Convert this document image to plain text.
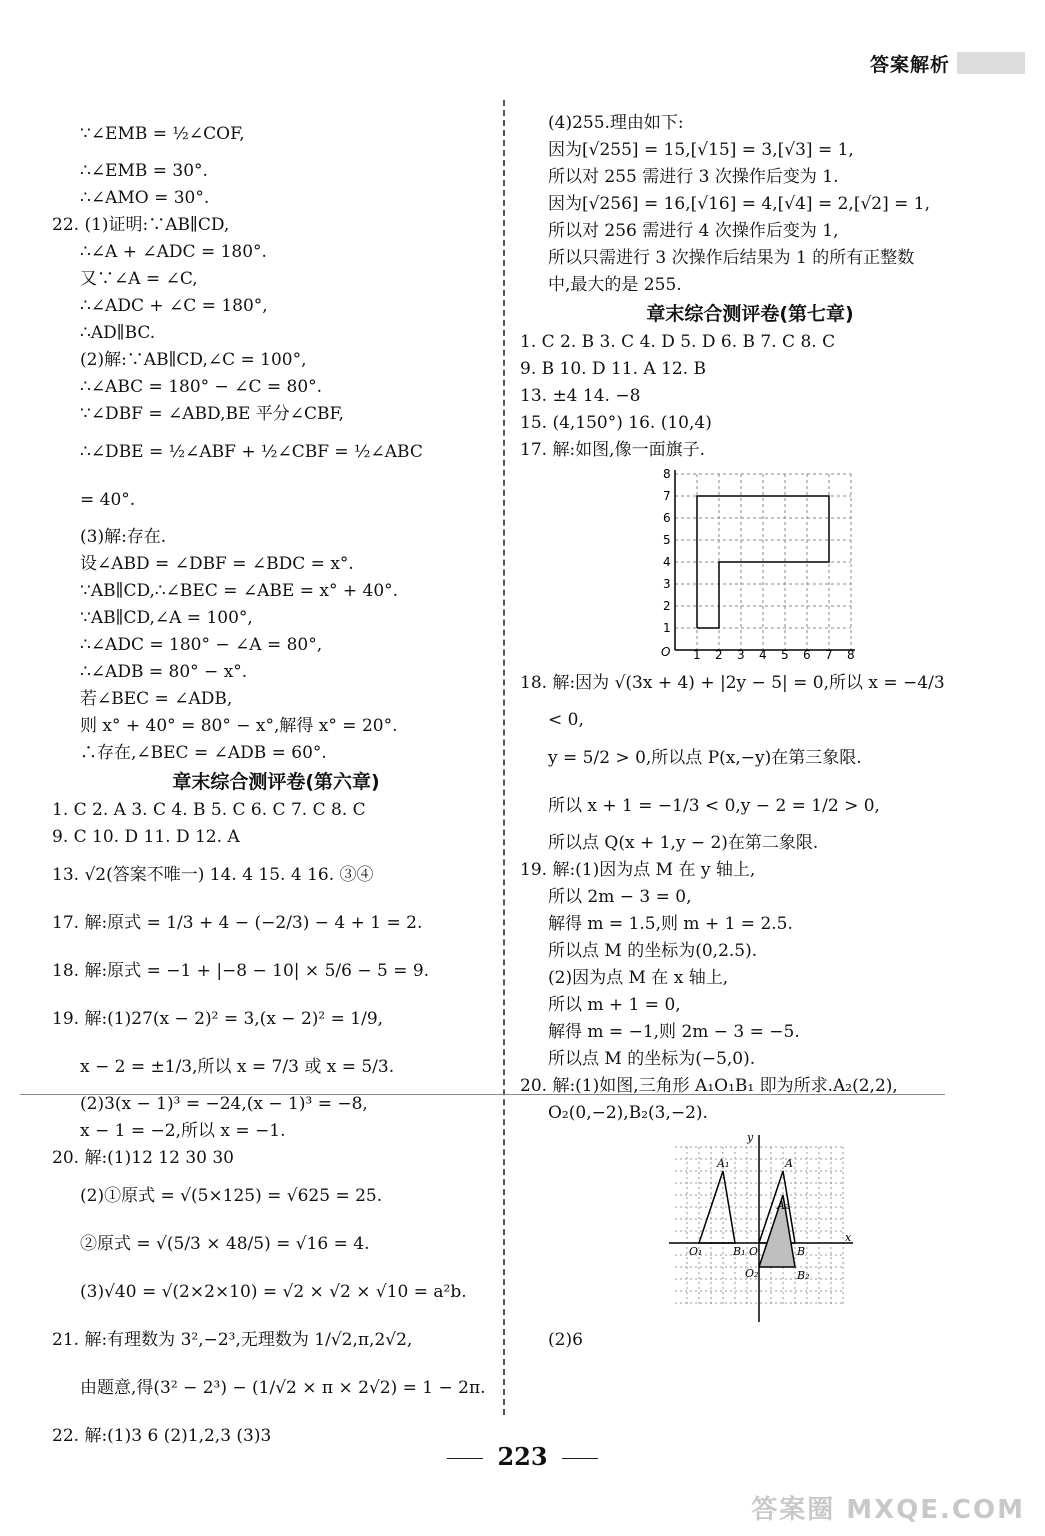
答案解析
∵∠EMB = ½∠COF,
∴∠EMB = 30°.
∴∠AMO = 30°.
22. (1)证明:∵AB∥CD,
∴∠A + ∠ADC = 180°.
又∵∠A = ∠C,
∴∠ADC + ∠C = 180°,
∴AD∥BC.
(2)解:∵AB∥CD,∠C = 100°,
∴∠ABC = 180° − ∠C = 80°.
∵∠DBF = ∠ABD,BE 平分∠CBF,
∴∠DBE = ½∠ABF + ½∠CBF = ½∠ABC
= 40°.
(3)解:存在.
设∠ABD = ∠DBF = ∠BDC = x°.
∵AB∥CD,∴∠BEC = ∠ABE = x° + 40°.
∵AB∥CD,∠A = 100°,
∴∠ADC = 180° − ∠A = 80°,
∴∠ADB = 80° − x°.
若∠BEC = ∠ADB,
则 x° + 40° = 80° − x°,解得 x° = 20°.
∴存在,∠BEC = ∠ADB = 60°.
章末综合测评卷(第六章)
1. C 2. A 3. C 4. B 5. C 6. C 7. C 8. C
9. C 10. D 11. D 12. A
13. √2(答案不唯一) 14. 4 15. 4 16. ③④
17. 解:原式 = 1/3 + 4 − (−2/3) − 4 + 1 = 2.
18. 解:原式 = −1 + |−8 − 10| × 5/6 − 5 = 9.
19. 解:(1)27(x − 2)² = 3,(x − 2)² = 1/9,
x − 2 = ±1/3,所以 x = 7/3 或 x = 5/3.
(2)3(x − 1)³ = −24,(x − 1)³ = −8,
x − 1 = −2,所以 x = −1.
20. 解:(1)12 12 30 30
(2)①原式 = √(5×125) = √625 = 25.
②原式 = √(5/3 × 48/5) = √16 = 4.
(3)√40 = √(2×2×10) = √2 × √2 × √10 = a²b.
21. 解:有理数为 3²,−2³,无理数为 1/√2,π,2√2,
由题意,得(3² − 2³) − (1/√2 × π × 2√2) = 1 − 2π.
22. 解:(1)3 6 (2)1,2,3 (3)3
(4)255.理由如下:
因为[√255] = 15,[√15] = 3,[√3] = 1,
所以对 255 需进行 3 次操作后变为 1.
因为[√256] = 16,[√16] = 4,[√4] = 2,[√2] = 1,
所以对 256 需进行 4 次操作后变为 1,
所以只需进行 3 次操作后结果为 1 的所有正整数
中,最大的是 255.
章末综合测评卷(第七章)
1. C 2. B 3. C 4. D 5. D 6. B 7. C 8. C
9. B 10. D 11. A 12. B
13. ±4 14. −8
15. (4,150°) 16. (10,4)
17. 解:如图,像一面旗子.
8
7
6
5
4
3
2
1
O 1 2 3 4 5 6 7 8
18. 解:因为 √(3x + 4) + |2y − 5| = 0,所以 x = −4/3
< 0,
y = 5/2 > 0,所以点 P(x,−y)在第三象限.
所以 x + 1 = −1/3 < 0,y − 2 = 1/2 > 0,
所以点 Q(x + 1,y − 2)在第二象限.
19. 解:(1)因为点 M 在 y 轴上,
所以 2m − 3 = 0,
解得 m = 1.5,则 m + 1 = 2.5.
所以点 M 的坐标为(0,2.5).
(2)因为点 M 在 x 轴上,
所以 m + 1 = 0,
解得 m = −1,则 2m − 3 = −5.
所以点 M 的坐标为(−5,0).
20. 解:(1)如图,三角形 A₁O₁B₁ 即为所求.A₂(2,2),
O₂(0,−2),B₂(3,−2).
x
y
A₁	A
A₂
O₁	B₁ O	B
O₂	B₂
(2)6
223
答案圈 MXQE.COM
